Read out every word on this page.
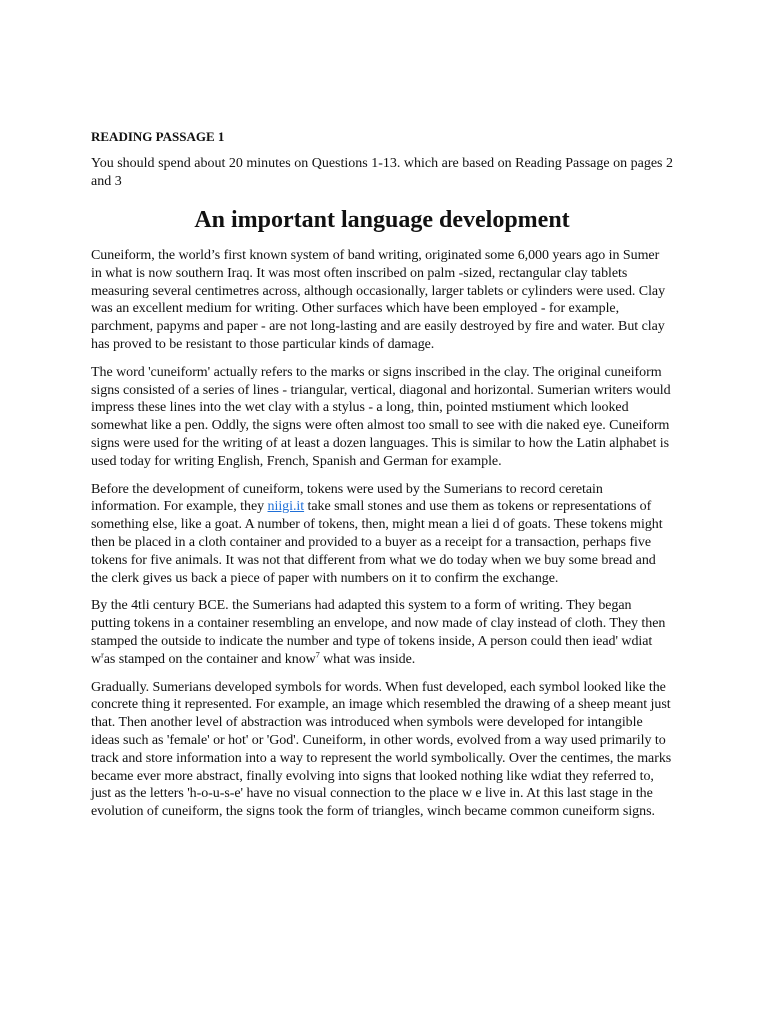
READING PASSAGE 1

You should spend about 20 minutes on Questions 1-13. which are based on Reading Passage on pages 2 and 3

An important language development

Cuneiform, the world’s first known system of band writing, originated some 6,000 years ago in Sumer in what is now southern Iraq. It was most often inscribed on palm -sized, rectangular clay tablets measuring several centimetres across, although occasionally, larger tablets or cylinders were used. Clay was an excellent medium for writing. Other surfaces which have been employed - for example, parchment, papyms and paper - are not long-lasting and are easily destroyed by fire and water. But clay has proved to be resistant to those particular kinds of damage.

The word 'cuneiform' actually refers to the marks or signs inscribed in the clay. The original cuneiform signs consisted of a series of lines - triangular, vertical, diagonal and horizontal. Sumerian writers would impress these lines into the wet clay with a stylus - a long, thin, pointed mstiument which looked somewhat like a pen. Oddly, the signs were often almost too small to see with die naked eye. Cuneiform signs were used for the writing of at least a dozen languages. This is similar to how the Latin alphabet is used today for writing English, French, Spanish and German for example.

Before the development of cuneiform, tokens were used by the Sumerians to record ceretain information. For example, they niigi.it take small stones and use them as tokens or representations of something else, like a goat. A number of tokens, then, might mean a liei d of goats. These tokens might then be placed in a cloth container and provided to a buyer as a receipt for a transaction, perhaps five tokens for five animals. It was not that different from what we do today when we buy some bread and the clerk gives us back a piece of paper with numbers on it to confirm the exchange.

By the 4tli century BCE. the Sumerians had adapted this system to a form of writing. They began putting tokens in a container resembling an envelope, and now made of clay instead of cloth. They then stamped the outside to indicate the number and type of tokens inside, A person could then iead' wdiat $w^ras$ stamped on the container and know$^7$ what was inside.

Gradually. Sumerians developed symbols for words. When fust developed, each symbol looked like the concrete thing it represented. For example, an image which resembled the drawing of a sheep meant just that. Then another level of abstraction was introduced when symbols were developed for intangible ideas such as 'female' or hot' or 'God'. Cuneiform, in other words, evolved from a way used primarily to track and store information into a way to represent the world symbolically. Over the centimes, the marks became ever more abstract, finally evolving into signs that looked nothing like wdiat they referred to, just as the letters 'h-o-u-s-e' have no visual connection to the place w e live in. At this last stage in the evolution of cuneiform, the signs took the form of triangles, winch became common cuneiform signs.
